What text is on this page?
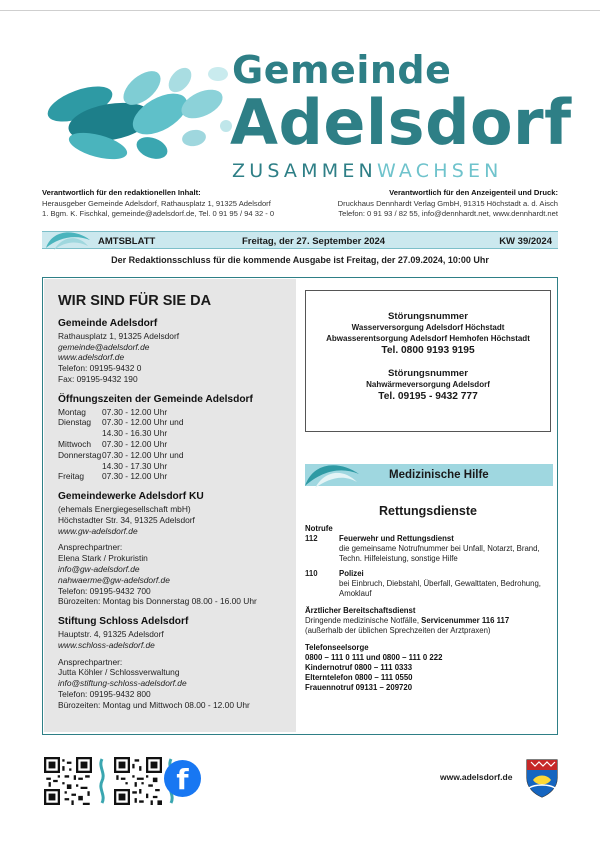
Gemeinde
Adelsdorf
ZUSAMMENWACHSEN
Verantwortlich für den redaktionellen Inhalt:
Herausgeber Gemeinde Adelsdorf, Rathausplatz 1, 91325 Adelsdorf
1. Bgm. K. Fischkal, gemeinde@adelsdorf.de, Tel. 0 91 95 / 94 32 - 0
Verantwortlich für den Anzeigenteil und Druck:
Druckhaus Dennhardt Verlag GmbH, 91315 Höchstadt a. d. Aisch
Telefon: 0 91 93 / 82 55, info@dennhardt.net, www.dennhardt.net
AMTSBLATT	Freitag, der 27. September 2024	KW 39/2024
Der Redaktionsschluss für die kommende Ausgabe ist Freitag, der 27.09.2024, 10:00 Uhr
WIR SIND FÜR SIE DA
Gemeinde Adelsdorf
Rathausplatz 1, 91325 Adelsdorf
gemeinde@adelsdorf.de
www.adelsdorf.de
Telefon: 09195-9432 0
Fax: 09195-9432 190
Öffnungszeiten der Gemeinde Adelsdorf
Montag	07.30 - 12.00 Uhr
Dienstag	07.30 - 12.00 Uhr und
	14.30 - 16.30 Uhr
Mittwoch	07.30 - 12.00 Uhr
Donnerstag	07.30 - 12.00 Uhr und
	14.30 - 17.30 Uhr
Freitag	07.30 - 12.00 Uhr
Gemeindewerke Adelsdorf KU
(ehemals Energiegesellschaft mbH)
Höchstadter Str. 34, 91325 Adelsdorf
www.gw-adelsdorf.de
Ansprechpartner:
Elena Stark / Prokuristin
info@gw-adelsdorf.de
nahwaerme@gw-adelsdorf.de
Telefon: 09195-9432 700
Bürozeiten: Montag bis Donnerstag 08.00 - 16.00 Uhr
Stiftung Schloss Adelsdorf
Hauptstr. 4, 91325 Adelsdorf
www.schloss-adelsdorf.de
Ansprechpartner:
Jutta Köhler / Schlossverwaltung
info@stiftung-schloss-adelsdorf.de
Telefon: 09195-9432 800
Bürozeiten: Montag und Mittwoch 08.00 - 12.00 Uhr
Störungsnummer
Wasserversorgung Adelsdorf Höchstadt
Abwasserentsorgung Adelsdorf Hemhofen Höchstadt
Tel. 0800 9193 9195
Störungsnummer
Nahwärmeversorgung Adelsdorf
Tel. 09195 - 9432 777
Medizinische Hilfe
Rettungsdienste
Notrufe
112	Feuerwehr und Rettungsdienst
die gemeinsame Notrufnummer bei Unfall, Notarzt, Brand,
Techn. Hilfeleistung, sonstige Hilfe
110	Polizei
bei Einbruch, Diebstahl, Überfall, Gewalttaten, Bedrohung,
Amoklauf
Ärztlicher Bereitschaftsdienst
Dringende medizinische Notfälle, Servicenummer 116 117
(außerhalb der üblichen Sprechzeiten der Arztpraxen)
Telefonseelsorge
0800 – 111 0 111 und 0800 – 111 0 222
Kindernotruf 0800 – 111 0333
Elterntelefon 0800 – 111 0550
Frauennotruf 09131 – 209720
f	www.adelsdorf.de
